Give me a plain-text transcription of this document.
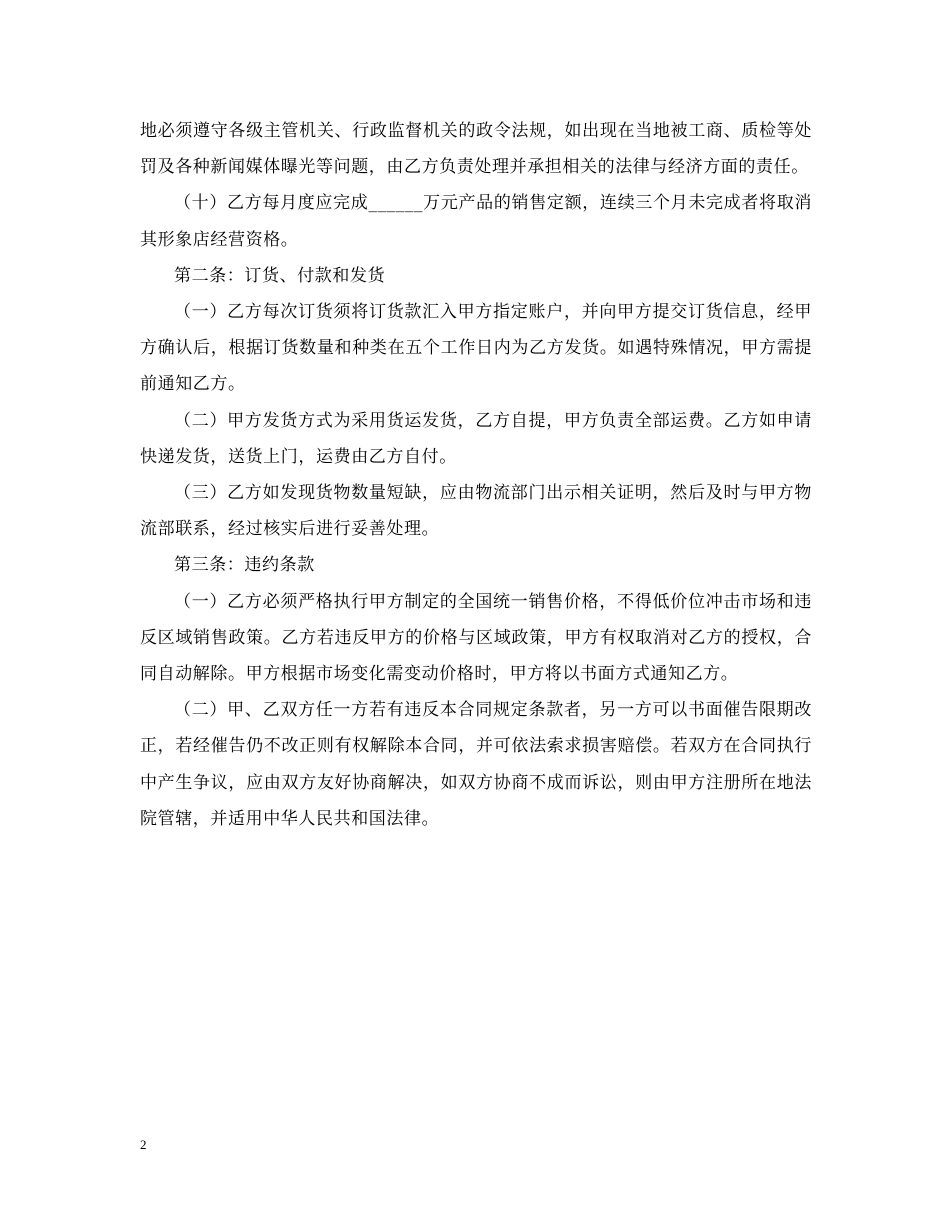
地必须遵守各级主管机关、行政监督机关的政令法规，如出现在当地被工商、质检等处罚及各种新闻媒体曝光等问题，由乙方负责处理并承担相关的法律与经济方面的责任。

（十）乙方每月度应完成______万元产品的销售定额，连续三个月未完成者将取消其形象店经营资格。

第二条：订货、付款和发货

（一）乙方每次订货须将订货款汇入甲方指定账户，并向甲方提交订货信息，经甲方确认后，根据订货数量和种类在五个工作日内为乙方发货。如遇特殊情况，甲方需提前通知乙方。

（二）甲方发货方式为采用货运发货，乙方自提，甲方负责全部运费。乙方如申请快递发货，送货上门，运费由乙方自付。

（三）乙方如发现货物数量短缺，应由物流部门出示相关证明，然后及时与甲方物流部联系，经过核实后进行妥善处理。

第三条：违约条款

（一）乙方必须严格执行甲方制定的全国统一销售价格，不得低价位冲击市场和违反区域销售政策。乙方若违反甲方的价格与区域政策，甲方有权取消对乙方的授权，合同自动解除。甲方根据市场变化需变动价格时，甲方将以书面方式通知乙方。

（二）甲、乙双方任一方若有违反本合同规定条款者，另一方可以书面催告限期改正，若经催告仍不改正则有权解除本合同，并可依法索求损害赔偿。若双方在合同执行中产生争议，应由双方友好协商解决，如双方协商不成而诉讼，则由甲方注册所在地法院管辖，并适用中华人民共和国法律。

2
